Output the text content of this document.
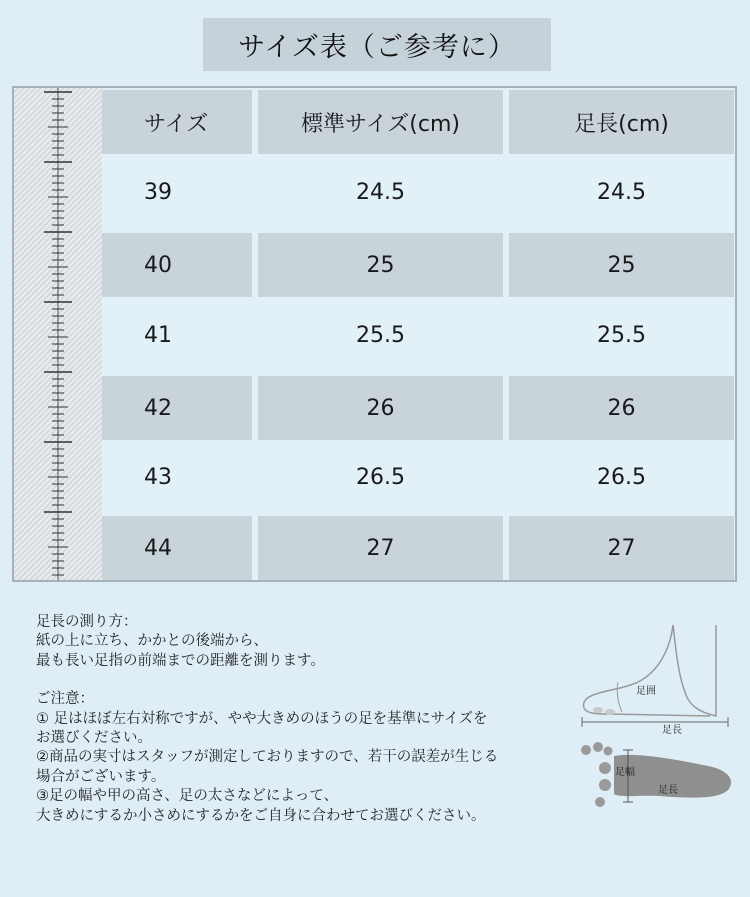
サイズ表（ご参考に）
サイズ	標準サイズ(cm)	足長(cm)
39	24.5	24.5
40	25	25
41	25.5	25.5
42	26	26
43	26.5	26.5
44	27	27

足長の測り方：

紙の上に立ち、かかとの後端から、

最も長い足指の前端までの距離を測ります。

ご注意：

① 足はほぼ左右対称ですが、やや大きめのほうの足を基準にサイズを

お選びください。

②商品の実寸はスタッフが測定しておりますので、若干の誤差が生じる

場合がございます。

③足の幅や甲の高さ、足の太さなどによって、

大きめにするか小さめにするかをご自身に合わせてお選びください。

足囲
足長
足幅
足長
